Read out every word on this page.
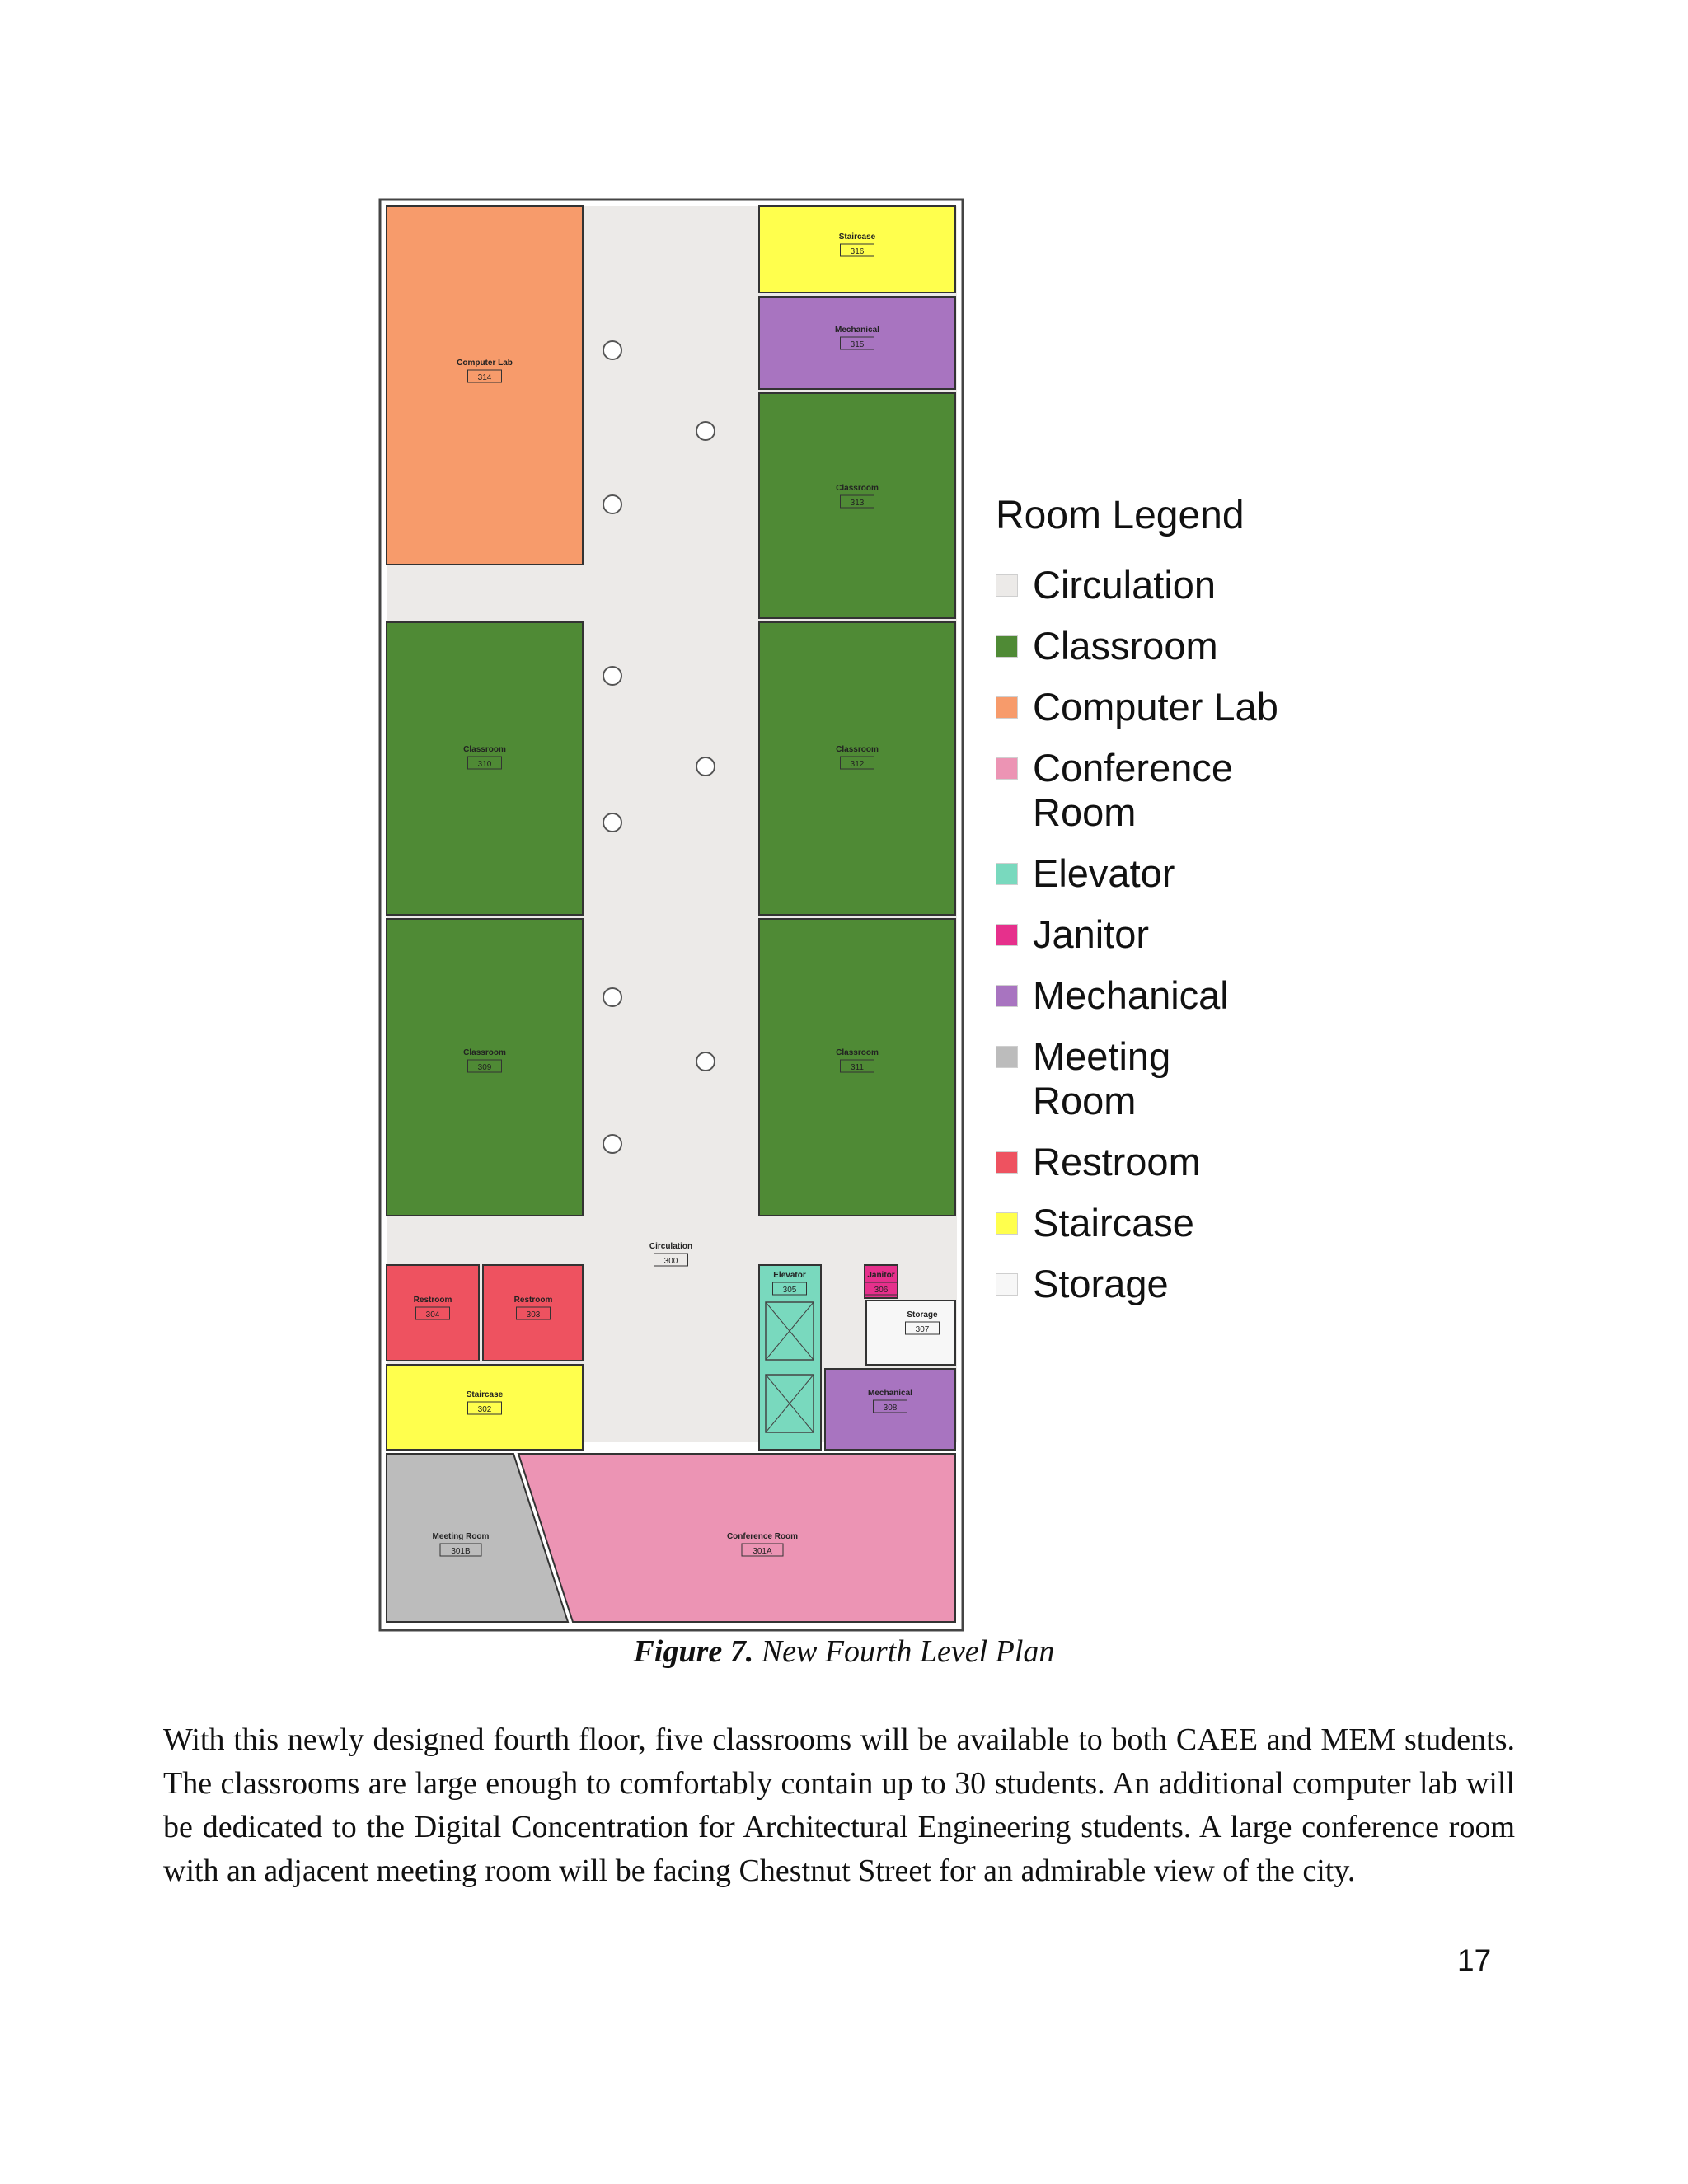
Computer Lab
314
Staircase
316
Mechanical
315
Classroom
313
Classroom
310
Classroom
312
Classroom
309
Classroom
311
Circulation
300
Restroom
304
Restroom
303
Staircase
302
Elevator
305
Janitor
306
Storage
307
Mechanical
308
Meeting Room
301B
Conference Room
301A
Room Legend
Circulation
Classroom
Computer Lab
Conference Room
Elevator
Janitor
Mechanical
Meeting Room
Restroom
Staircase
Storage
Figure 7. New Fourth Level Plan

With this newly designed fourth floor, five classrooms will be available to both CAEE and MEM students. The classrooms are large enough to comfortably contain up to 30 students. An additional computer lab will be dedicated to the Digital Concentration for Architectural Engineering students. A large conference room with an adjacent meeting room will be facing Chestnut Street for an admirable view of the city.

17
